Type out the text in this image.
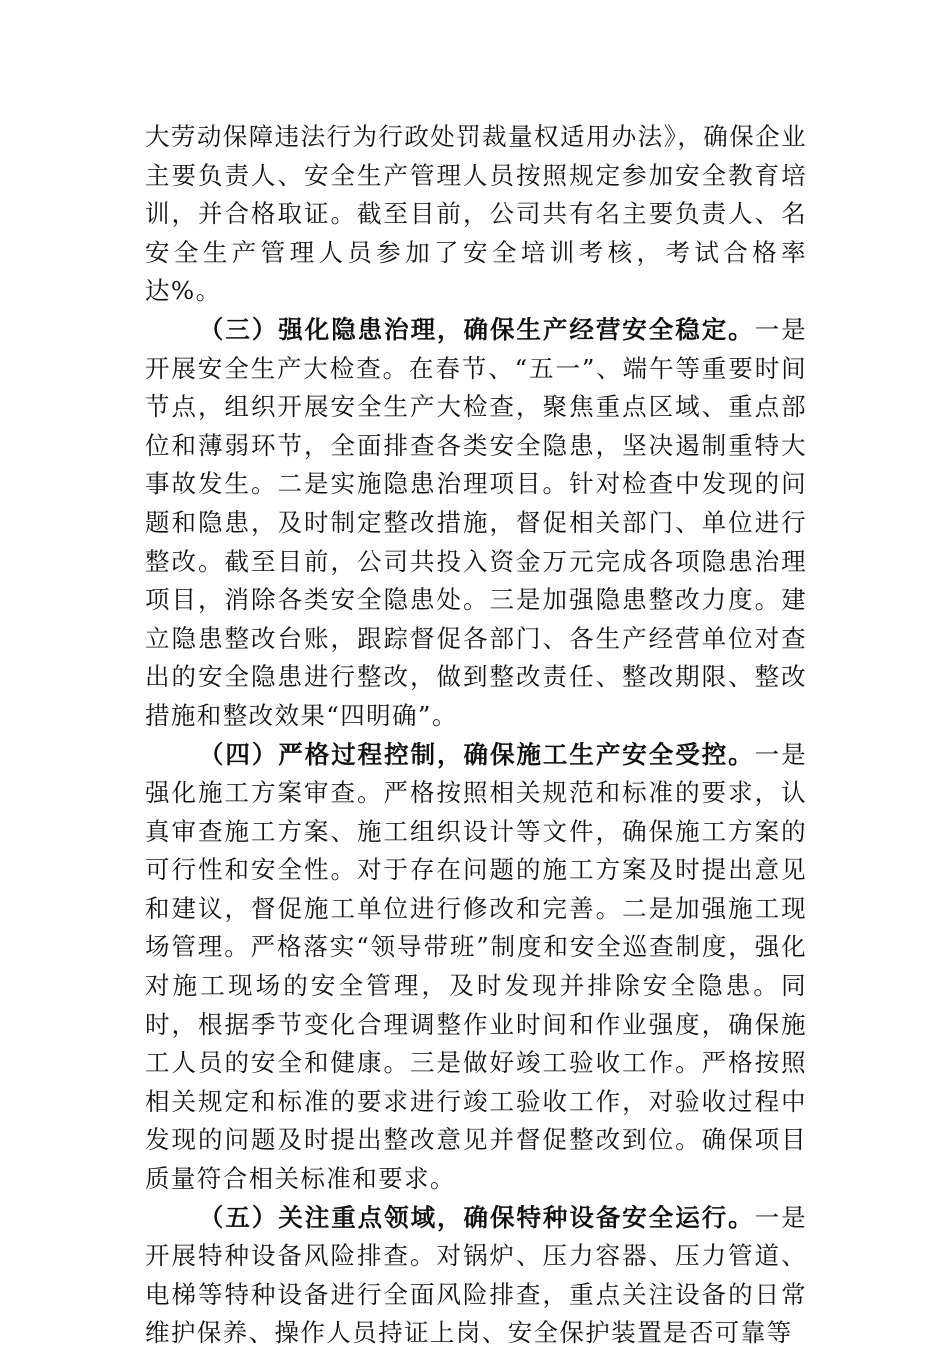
大劳动保障违法行为行政处罚裁量权适用办法》，确保企业主要负责人、安全生产管理人员按照规定参加安全教育培训，并合格取证。截至目前，公司共有名主要负责人、名安全生产管理人员参加了安全培训考核，考试合格率达%。

（三）强化隐患治理，确保生产经营安全稳定。一是开展安全生产大检查。在春节、“五一”、端午等重要时间节点，组织开展安全生产大检查，聚焦重点区域、重点部位和薄弱环节，全面排查各类安全隐患，坚决遏制重特大事故发生。二是实施隐患治理项目。针对检查中发现的问题和隐患，及时制定整改措施，督促相关部门、单位进行整改。截至目前，公司共投入资金万元完成各项隐患治理项目，消除各类安全隐患处。三是加强隐患整改力度。建立隐患整改台账，跟踪督促各部门、各生产经营单位对查出的安全隐患进行整改，做到整改责任、整改期限、整改措施和整改效果“四明确”。

（四）严格过程控制，确保施工生产安全受控。一是强化施工方案审查。严格按照相关规范和标准的要求，认真审查施工方案、施工组织设计等文件，确保施工方案的可行性和安全性。对于存在问题的施工方案及时提出意见和建议，督促施工单位进行修改和完善。二是加强施工现场管理。严格落实“领导带班”制度和安全巡查制度，强化对施工现场的安全管理，及时发现并排除安全隐患。同时，根据季节变化合理调整作业时间和作业强度，确保施工人员的安全和健康。三是做好竣工验收工作。严格按照相关规定和标准的要求进行竣工验收工作，对验收过程中发现的问题及时提出整改意见并督促整改到位。确保项目质量符合相关标准和要求。

（五）关注重点领域，确保特种设备安全运行。一是开展特种设备风险排查。对锅炉、压力容器、压力管道、电梯等特种设备进行全面风险排查，重点关注设备的日常维护保养、操作人员持证上岗、安全保护装置是否可靠等
